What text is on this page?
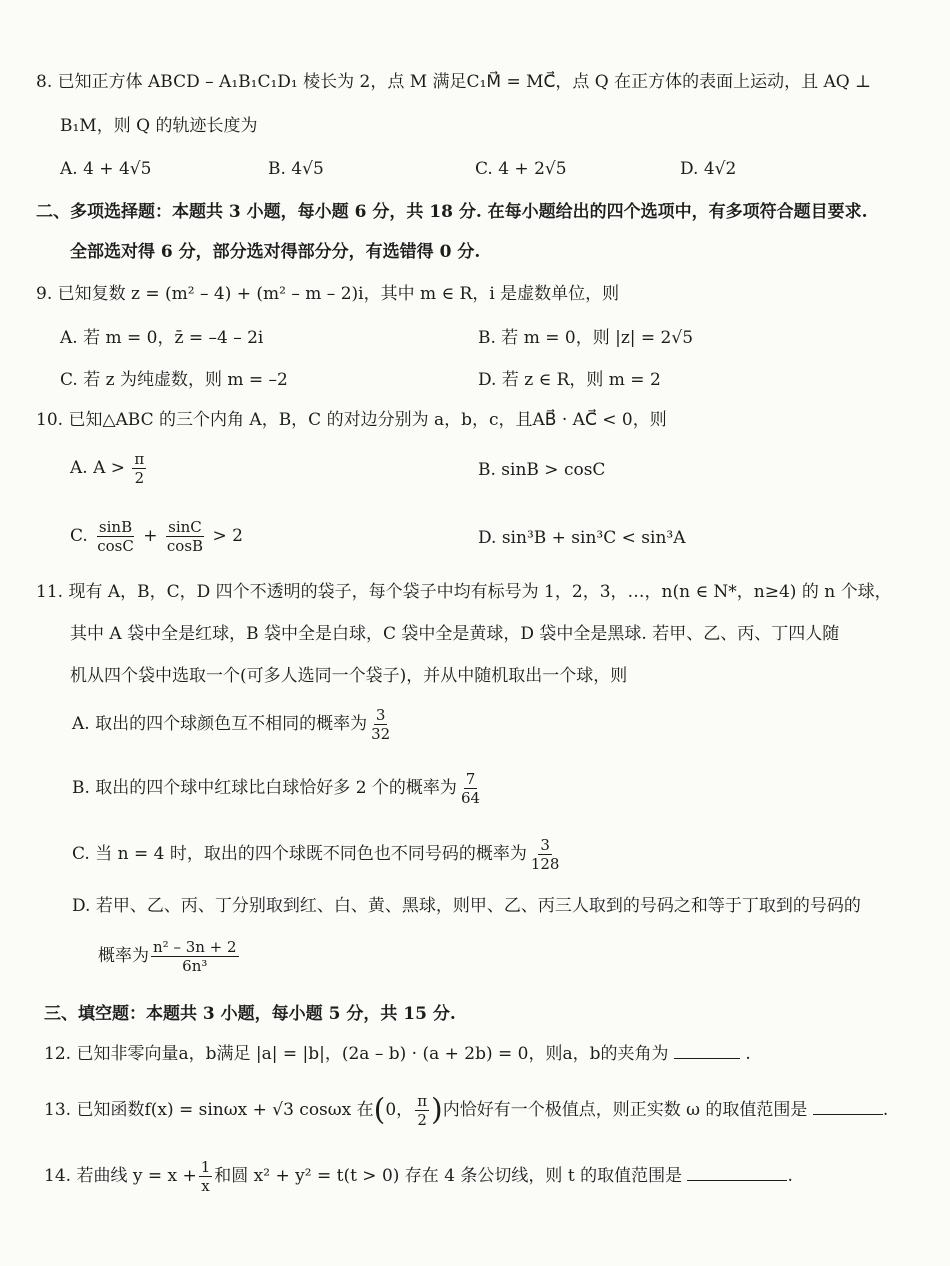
8. 已知正方体 ABCD – A₁B₁C₁D₁ 棱长为 2，点 M 满足C₁M⃗ = MC⃗，点 Q 在正方体的表面上运动，且 AQ ⊥
B₁M，则 Q 的轨迹长度为
A. 4 + 4√5	B. 4√5	C. 4 + 2√5	D. 4√2
二、多项选择题：本题共 3 小题，每小题 6 分，共 18 分. 在每小题给出的四个选项中，有多项符合题目要求.
全部选对得 6 分，部分选对得部分分，有选错得 0 分.
9. 已知复数 z = (m² – 4) + (m² – m – 2)i，其中 m ∈ R，i 是虚数单位，则
A. 若 m = 0，z̄ = –4 – 2i	B. 若 m = 0，则 |z| = 2√5
C. 若 z 为纯虚数，则 m = –2	D. 若 z ∈ R，则 m = 2
10. 已知△ABC 的三个内角 A，B，C 的对边分别为 a，b，c，且AB⃗ · AC⃗ < 0，则
A. $A > \frac{\pi}{2}$	B. sinB > cosC
C. $\frac{\sin B}{\cos C} + \frac{\sin C}{\cos B} > 2$	D. sin³B + sin³C < sin³A
11. 现有 A，B，C，D 四个不透明的袋子，每个袋子中均有标号为 1，2，3，…，n(n ∈ N*，n≥4) 的 n 个球，
其中 A 袋中全是红球，B 袋中全是白球，C 袋中全是黄球，D 袋中全是黑球. 若甲、乙、丙、丁四人随
机从四个袋中选取一个(可多人选同一个袋子)，并从中随机取出一个球，则
A. 取出的四个球颜色互不相同的概率为 $\frac{3}{32}$
B. 取出的四个球中红球比白球恰好多 2 个的概率为 $\frac{7}{64}$
C. 当 n = 4 时，取出的四个球既不同色也不同号码的概率为 $\frac{3}{128}$
D. 若甲、乙、丙、丁分别取到红、白、黄、黑球，则甲、乙、丙三人取到的号码之和等于丁取到的号码的
概率为 $\frac{\text{n² – 3n + 2}}{\text{6n³}}$
三、填空题：本题共 3 小题，每小题 5 分，共 15 分.
12. 已知非零向量a，b满足 |a| = |b|，(2a – b) · (a + 2b) = 0，则a，b的夹角为	.
13. 已知函数f(x) = sinωx + √3 cosωx 在(0， $\frac{\pi}{2}$ )内恰好有一个极值点，则正实数 ω 的取值范围是	.
14. 若曲线 $y = x + \frac{1}{x}$ 和圆 x² + y² = t(t > 0) 存在 4 条公切线，则 t 的取值范围是	.
